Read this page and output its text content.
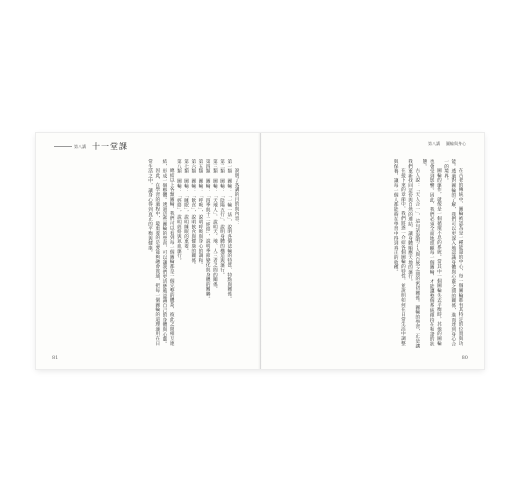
第八講 十一堂課

說明了各講的目的與內容：

第一類 圖輪：「一輪一法」，說明各個法輪的特質、特點與關係。

第二類 圖輪：「陰陽五行」，說明身體的構造與運行。

第三類 圖輪：「天地人」，說明天、地、人三者之間的關係。

第四類 圖輪：「四季與十二經絡」，說明季節變化與身體的關聯。

第五類 圖輪：「呼吸」，說明呼吸與身心的調和。

第六類 圖輪：「飲食」，說明飲食與健康的關係。

第七類 圖輪：「睡眠」，說明睡眠的重要。

第八類 圖輪：「經絡」，說明經絡與氣血運行。

總結以上各類圖輪，我們可以看到每一個圖輪都是一個完整的體系，彼此之間相互連結，形成一個整體。透過這些圖輪的學習，可以讓我們更清楚地認識自己的身體與心靈。

因此，在學習的過程中，最重要的是要能夠融會貫通，把每一個圖輪的道理運用在日常生活之中，讓身心得到真正的平衡與健康。

81
第八講 圖輪與身心

在古老的傳統中，圖輪被認為是一種能量的中心，每一個圖輪都有其特定的位置與功能。透過對圖輪的了解，我們可以更深入地認識身體與心靈之間的關係，進而達到身心合一的境界。

圖輪的運作，就像是一個循環不息的系統。當其中一個圖輪失去平衡時，其他的圖輪也會受到影響。因此，我們必須全面地照顧每一個圖輪，才能讓整個系統維持在和諧的狀態。

古人說：「天人合一」，這句話說明了人與自然之間的密切關係。圖輪的學習，正是讓我們重新找回這份與自然的連結，讓身體順應天地的運行。

在接下來的章節中，我們將逐一介紹各個圖輪的特性，並說明如何在日常生活中調整與保養，讓每一個人都能夠在學習中得到真正的收穫。

80
